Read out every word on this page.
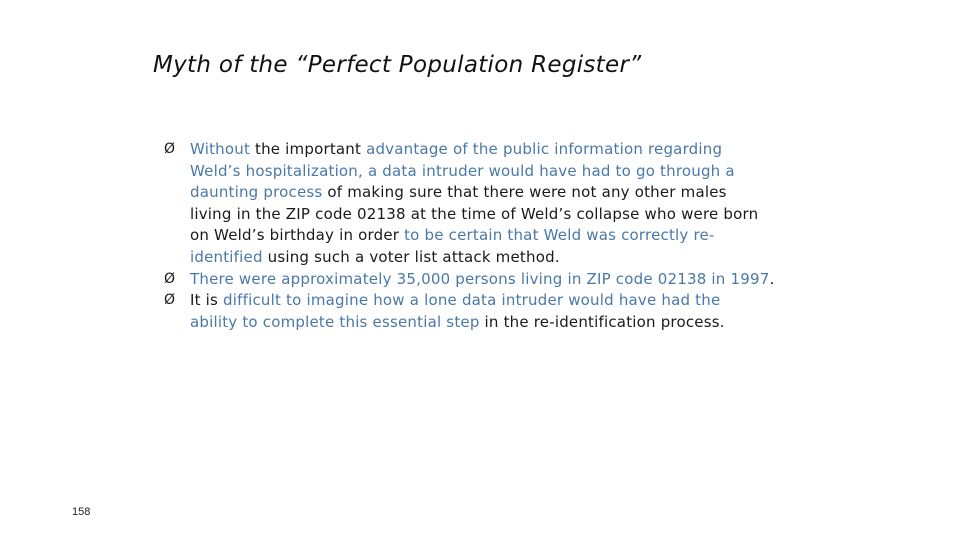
Myth of the “Perfect Population Register”
Ø Without the important advantage of the public information regarding
Weld’s hospitalization, a data intruder would have had to go through a
daunting process of making sure that there were not any other males
living in the ZIP code 02138 at the time of Weld’s collapse who were born
on Weld’s birthday in order to be certain that Weld was correctly re-
identified using such a voter list attack method.
Ø There were approximately 35,000 persons living in ZIP code 02138 in 1997.
Ø It is difficult to imagine how a lone data intruder would have had the
ability to complete this essential step in the re-identification process.
158
